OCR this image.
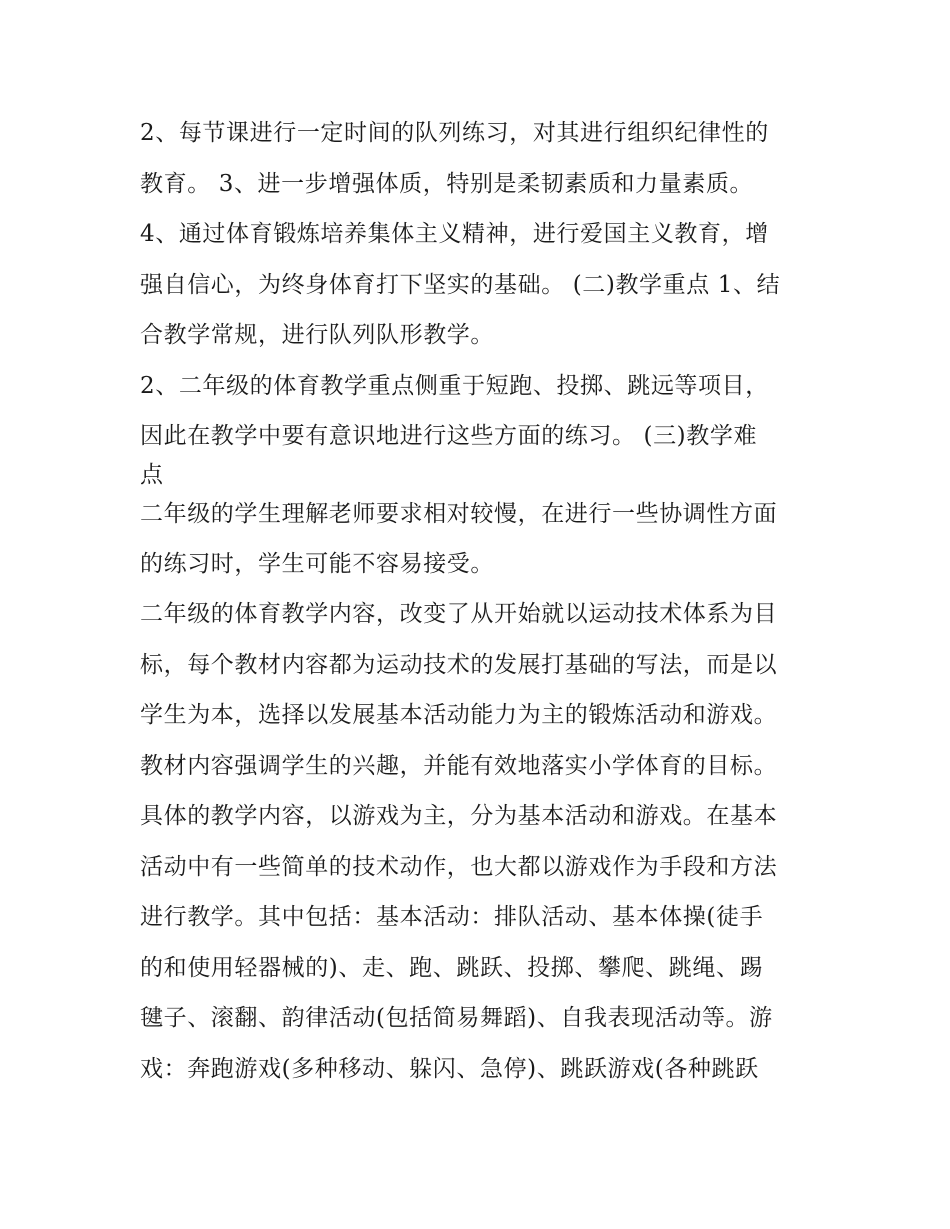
2、每节课进行一定时间的队列练习，对其进行组织纪律性的
教育。 3、进一步增强体质，特别是柔韧素质和力量素质。
4、通过体育锻炼培养集体主义精神，进行爱国主义教育，增
强自信心，为终身体育打下坚实的基础。 (二)教学重点 1、结
合教学常规，进行队列队形教学。
2、二年级的体育教学重点侧重于短跑、投掷、跳远等项目，
因此在教学中要有意识地进行这些方面的练习。 (三)教学难
点
二年级的学生理解老师要求相对较慢，在进行一些协调性方面
的练习时，学生可能不容易接受。
二年级的体育教学内容，改变了从开始就以运动技术体系为目
标，每个教材内容都为运动技术的发展打基础的写法，而是以
学生为本，选择以发展基本活动能力为主的锻炼活动和游戏。
教材内容强调学生的兴趣，并能有效地落实小学体育的目标。
具体的教学内容，以游戏为主，分为基本活动和游戏。在基本
活动中有一些简单的技术动作，也大都以游戏作为手段和方法
进行教学。其中包括：基本活动：排队活动、基本体操(徒手
的和使用轻器械的)、走、跑、跳跃、投掷、攀爬、跳绳、踢
毽子、滚翻、韵律活动(包括简易舞蹈)、自我表现活动等。游
戏：奔跑游戏(多种移动、躲闪、急停)、跳跃游戏(各种跳跃
